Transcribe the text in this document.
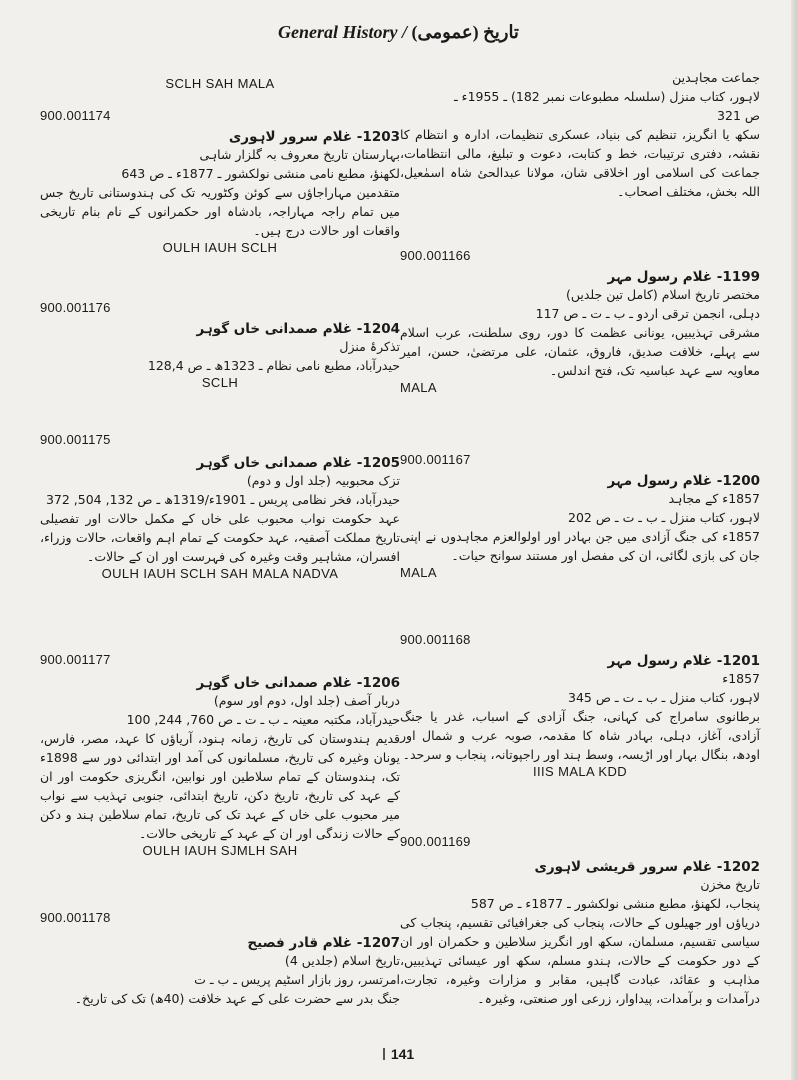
General History / (عمومی) تاریخ
جماعت مجاہدین
لاہور، کتاب منزل (سلسلہ مطبوعات نمبر 182) ـ 1955ء ـ
ص 321
سکھ یا انگریز، تنظیم کی بنیاد، عسکری تنظیمات، ادارہ و انتظام کا نقشہ، دفتری ترتیبات، خط و کتابت، دعوت و تبلیغ، مالی انتظامات، جماعت کی اسلامی اور اخلاقی شان، مولانا عبدالحئ شاہ اسمٰعیل، اللہ بخش، مختلف اصحاب۔
900.001166
1199- غلام رسول مہر
مختصر تاریخ اسلام (کامل تین جلدیں)
دہلی، انجمن ترقی اردو ـ ب ـ ت ـ ص 117
مشرقی تہذیبیں، یونانی عظمت کا دور، روی سلطنت، عرب اسلام سے پہلے، خلافت صدیق، فاروق، عثمان، علی مرتضیٰ، حسن، امیر معاویہ سے عہد عباسیہ تک، فتح اندلس۔
MALA
900.001167
1200- غلام رسول مہر
1857ء کے مجاہد
لاہور، کتاب منزل ـ ب ـ ت ـ ص 202
1857ء کی جنگ آزادی میں جن بہادر اور اولوالعزم مجاہدوں نے اپنی جان کی بازی لگائی، ان کی مفصل اور مستند سوانح حیات۔
MALA
900.001168
1201- غلام رسول مہر
1857ء
لاہور، کتاب منزل ـ ب ـ ت ـ ص 345
برطانوی سامراج کی کہانی، جنگ آزادی کے اسباب، غدر یا جنگ آزادی، آغاز، دہلی، بہادر شاہ کا مقدمہ، صوبہ عرب و شمال اور اودھ، بنگال بہار اور اڑیسہ، وسط ہند اور راجپوتانہ، پنجاب و سرحد۔
IIIS MALA KDD
900.001169
1202- غلام سرور قریشی لاہوری
تاریخ مخزن
پنجاب، لکھنؤ، مطبع منشی نولکشور ـ 1877ء ـ ص 587
دریاؤں اور جھیلوں کے حالات، پنجاب کی جغرافیائی تقسیم، پنجاب کی سیاسی تقسیم، مسلمان، سکھ اور انگریز سلاطین و حکمران اور ان کے دور حکومت کے حالات، ہندو مسلم، سکھ اور عیسائی تہذیبیں، مذاہب و عقائد، عبادت گاہیں، مقابر و مزارات وغیرہ، تجارت، درآمدات و برآمدات، پیداوار، زرعی اور صنعتی، وغیرہ۔
SCLH SAH MALA
900.001174
1203- غلام سرور لاہوری
بہارستان تاریخ معروف بہ گلزار شاہی
لکھنؤ، مطبع نامی منشی نولکشور ـ 1877ء ـ ص 643
متقدمین مہاراجاؤں سے کوئن وکٹوریہ تک کی ہندوستانی تاریخ جس میں تمام راجہ مہاراجہ، بادشاہ اور حکمرانوں کے نام بنام تاریخی واقعات اور حالات درج ہیں۔
OULH IAUH SCLH
900.001176
1204- غلام صمدانی خاں گوہر
تذکرۂ منزل
حیدرآباد، مطبع نامی نظام ـ 1323ھ ـ ص 128,4
SCLH
900.001175
1205- غلام صمدانی خاں گوہر
تزک محبوبیہ (جلد اول و دوم)
حیدرآباد، فخر نظامی پریس ـ 1901ء/1319ھ ـ ص 132, 504, 372
عہد حکومت نواب محبوب علی خاں کے مکمل حالات اور تفصیلی تاریخ مملکت آصفیہ، عہد حکومت کے تمام اہم واقعات، حالات وزراء، افسران، مشاہیر وقت وغیرہ کی فہرست اور ان کے حالات۔
OULH IAUH SCLH SAH MALA NADVA
900.001177
1206- غلام صمدانی خاں گوہر
دربار آصف (جلد اول، دوم اور سوم)
حیدرآباد، مکتبہ معینہ ـ ب ـ ت ـ ص 760, 244, 100
قدیم ہندوستان کی تاریخ، زمانہ ہنود، آریاؤں کا عہد، مصر، فارس، یونان وغیرہ کی تاریخ، مسلمانوں کی آمد اور ابتدائی دور سے 1898ء تک، ہندوستان کے تمام سلاطین اور نوابین، انگریزی حکومت اور ان کے عہد کی تاریخ، تاریخ دکن، تاریخ ابتدائی، جنوبی تہذیب سے نواب میر محبوب علی خاں کے عہد تک کی تاریخ، تمام سلاطین ہند و دکن کے حالات زندگی اور ان کے عہد کے تاریخی حالات۔
OULH IAUH SJMLH SAH
900.001178
1207- غلام قادر فصیح
تاریخ اسلام (جلدیں 4)
امرتسر، روز بازار اسٹیم پریس ـ ب ـ ت
جنگ بدر سے حضرت علی کے عہد خلافت (40ھ) تک کی تاریخ۔
141
